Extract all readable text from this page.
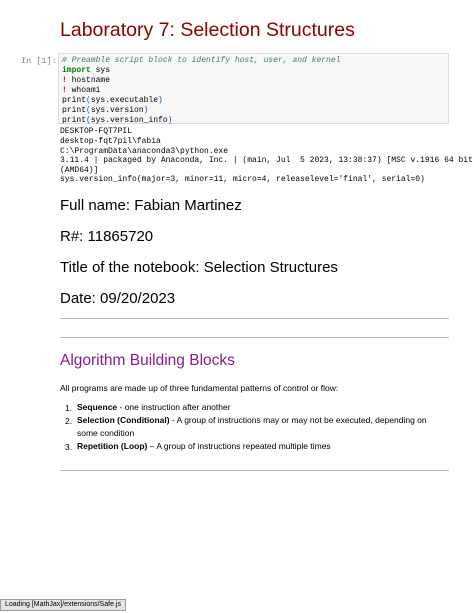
Laboratory 7: Selection Structures
In [1]: # Preamble script block to identify host, user, and kernel
import sys
! hostname
! whoami
print(sys.executable)
print(sys.version)
print(sys.version_info)
DESKTOP-FQT7PIL
desktop-fqt7pil\fabia
C:\ProgramData\anaconda3\python.exe
3.11.4 | packaged by Anaconda, Inc. | (main, Jul  5 2023, 13:38:37) [MSC v.1916 64 bit
(AMD64)]
sys.version_info(major=3, minor=11, micro=4, releaselevel='final', serial=0)
Full name: Fabian Martinez
R#: 11865720
Title of the notebook: Selection Structures
Date: 09/20/2023
Algorithm Building Blocks

All programs are made up of three fundamental patterns of control or flow:

1. Sequence - one instruction after another
2. Selection (Conditional) - A group of instructions may or may not be executed, depending on some condition
3. Repetition (Loop) – A group of instructions repeated multiple times
Loading [MathJax]/extensions/Safe.js
